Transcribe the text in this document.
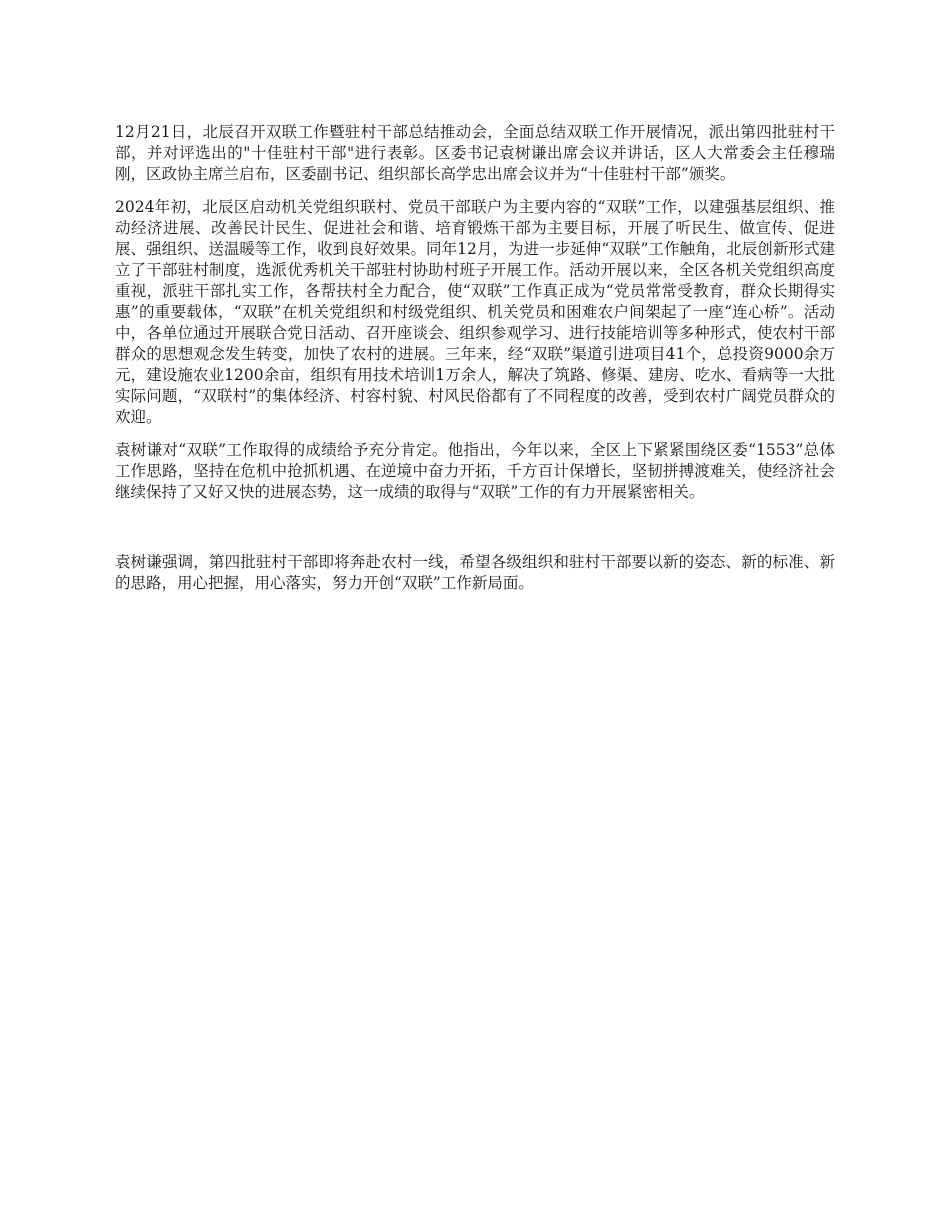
12月21日，北辰召开双联工作暨驻村干部总结推动会，全面总结双联工作开展情况，派出第四批驻村干部，并对评选出的"十佳驻村干部"进行表彰。区委书记袁树谦出席会议并讲话，区人大常委会主任穆瑞刚，区政协主席兰启布，区委副书记、组织部长高学忠出席会议并为“十佳驻村干部”颁奖。

2024年初，北辰区启动机关党组织联村、党员干部联户为主要内容的“双联”工作，以建强基层组织、推动经济进展、改善民计民生、促进社会和谐、培育锻炼干部为主要目标，开展了听民生、做宣传、促进展、强组织、送温暖等工作，收到良好效果。同年12月，为进一步延伸“双联”工作触角，北辰创新形式建立了干部驻村制度，选派优秀机关干部驻村协助村班子开展工作。活动开展以来，全区各机关党组织高度重视，派驻干部扎实工作，各帮扶村全力配合，使“双联”工作真正成为“党员常常受教育，群众长期得实惠”的重要载体，“双联”在机关党组织和村级党组织、机关党员和困难农户间架起了一座“连心桥”。活动中，各单位通过开展联合党日活动、召开座谈会、组织参观学习、进行技能培训等多种形式，使农村干部群众的思想观念发生转变，加快了农村的进展。三年来，经“双联”渠道引进项目41个，总投资9000余万元，建设施农业1200余亩，组织有用技术培训1万余人，解决了筑路、修渠、建房、吃水、看病等一大批实际问题，“双联村”的集体经济、村容村貌、村风民俗都有了不同程度的改善，受到农村广阔党员群众的欢迎。

袁树谦对“双联”工作取得的成绩给予充分肯定。他指出，今年以来，全区上下紧紧围绕区委“1553”总体工作思路，坚持在危机中抢抓机遇、在逆境中奋力开拓，千方百计保增长，坚韧拼搏渡难关，使经济社会继续保持了又好又快的进展态势，这一成绩的取得与“双联”工作的有力开展紧密相关。

袁树谦强调，第四批驻村干部即将奔赴农村一线，希望各级组织和驻村干部要以新的姿态、新的标准、新的思路，用心把握，用心落实，努力开创“双联”工作新局面。
